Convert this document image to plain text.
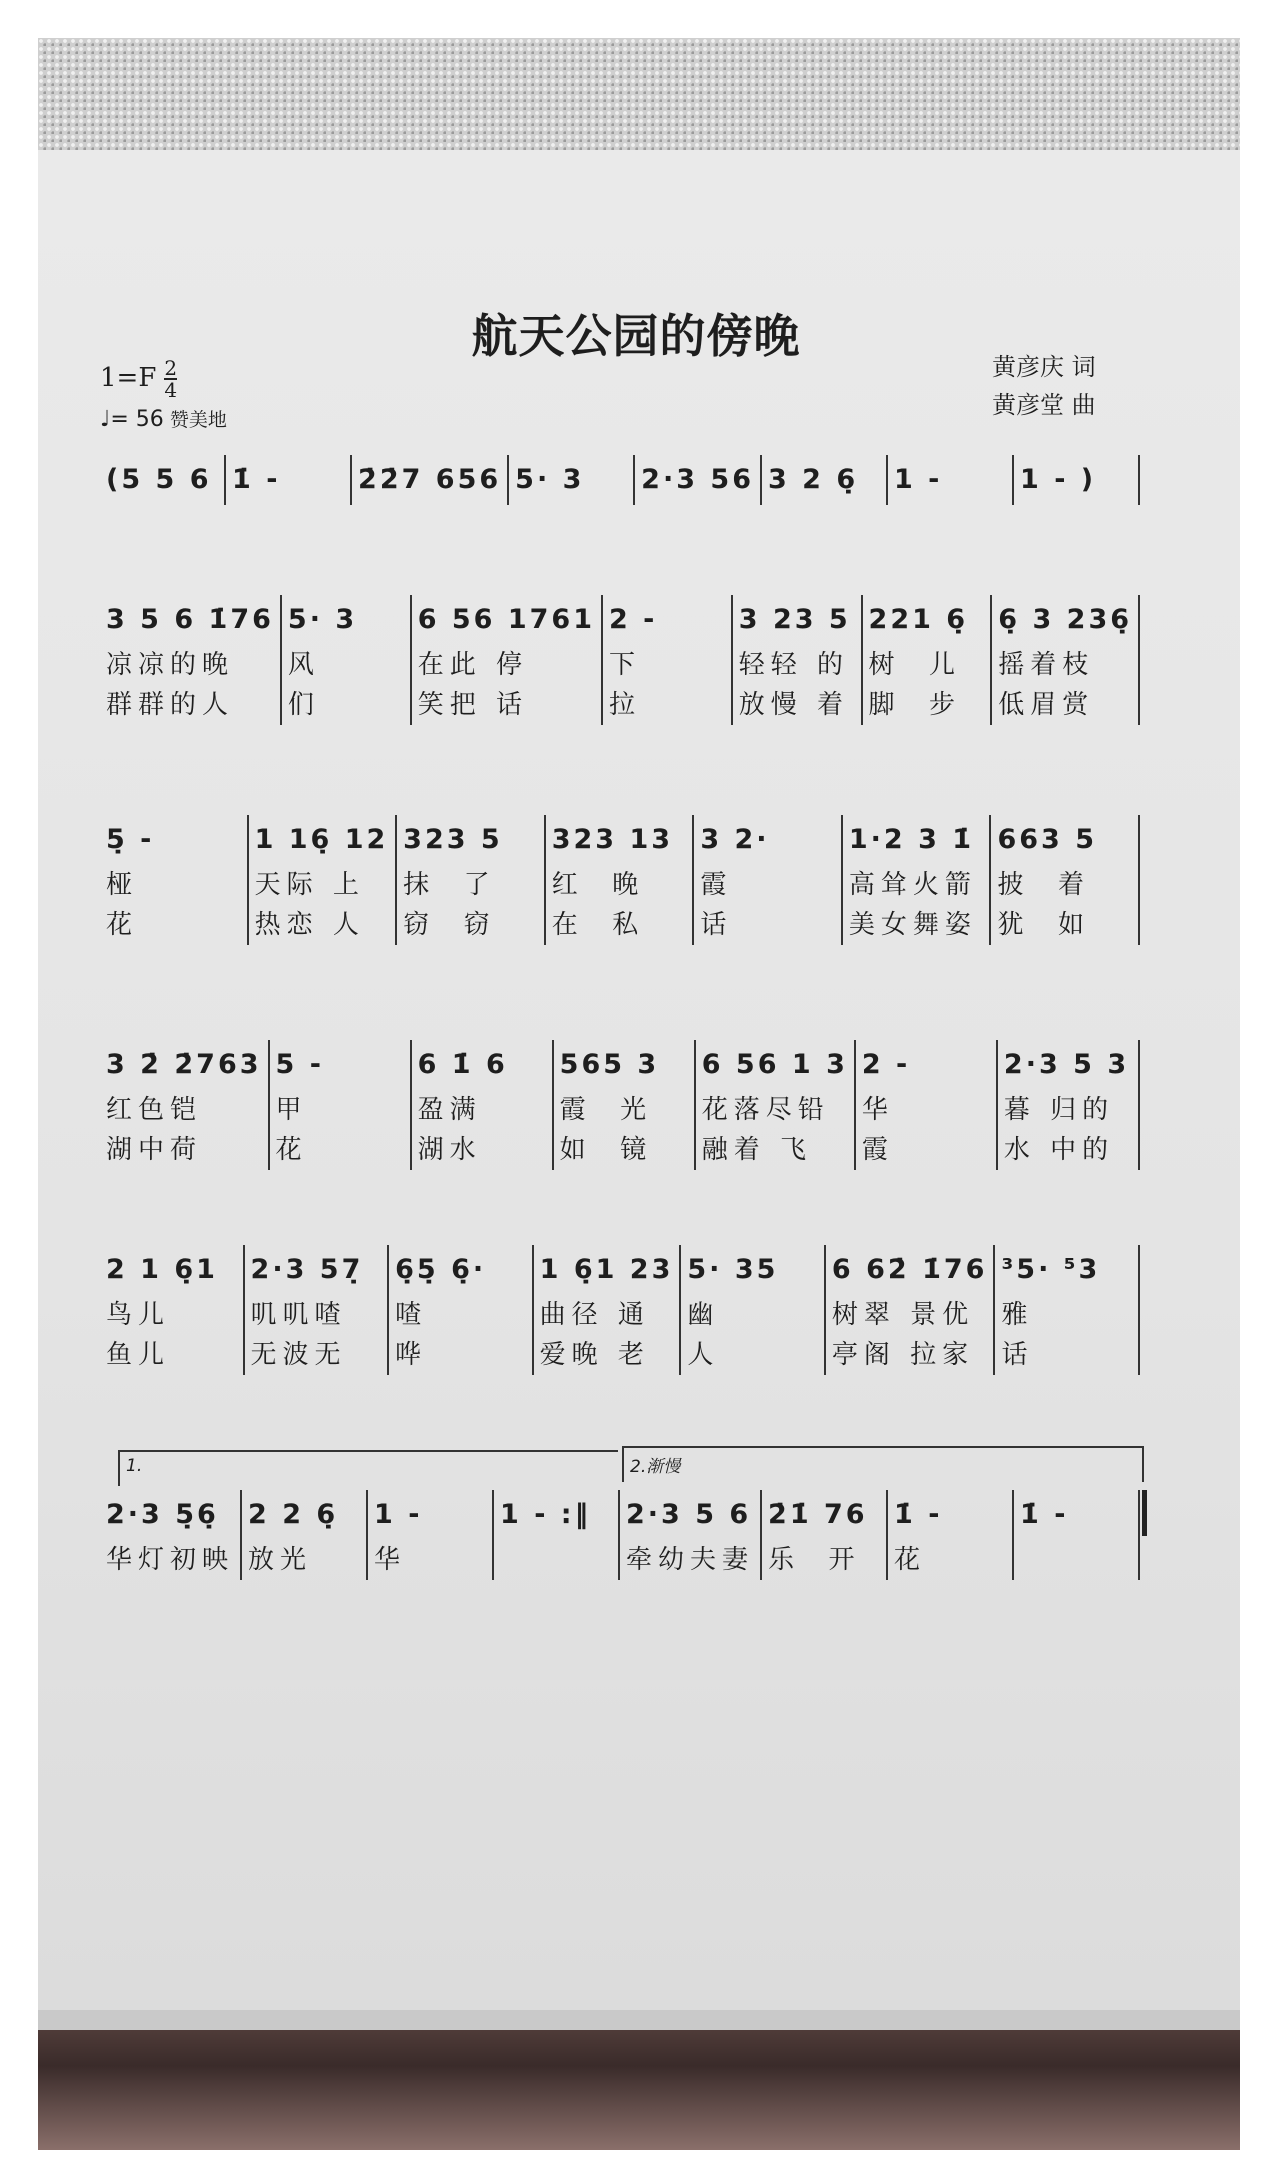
航天公园的傍晚
$1=F \frac{2}{4}$
♩= 56 赞美地
黄彦庆 词
黄彦堂 曲
(5 5 6 1̇ -	2̇2̇7 656 5· 3	2·3 56 3 2 6̣	1 -	1 - )
3 5 6 1̇76
凉凉的晚
群群的人
5· 3
风
们
6 56 1761
在此 停
笑把 话
2 -
下
拉
3 23 5
轻轻 的
放慢 着
221 6̣
树  儿
脚  步
6̣ 3 236̣
摇着枝
低眉赏
5̣ -
桠
花
1 16̣ 12
天际 上
热恋 人
323 5
抹  了
窃  窃
323 13
红  晚
在  私
3 2·
霞
话
1·2 3 1̇
高耸火箭
美女舞姿
663 5
披  着
犹  如
3 2̇ 2̇763
红色铠
湖中荷
5 -
甲
花
6 1̇ 6
盈满
湖水
565 3
霞  光
如  镜
6 56 1 3
花落尽铅
融着 飞
2 -
华
霞
2·3 5 3
暮 归的
水 中的
2 1 6̣1
鸟儿
鱼儿
2·3 57̣
叽叽喳
无波无
6̣5̣ 6̣·
喳
哗
1 6̣1 23
曲径 通
爱晚 老
5· 35
幽
人
6 62̇ 1̇76
树翠 景优
亭阁 拉家
³5· ⁵3
雅
话
2·3 5̣6̣
华灯初映
2 2 6̣
放光
1 -
华
1 - :‖	2·3 5 6
牵幼夫妻
2̇1̇ 76
乐  开
1̇ -
花
1̇ -
1.	2.渐慢
